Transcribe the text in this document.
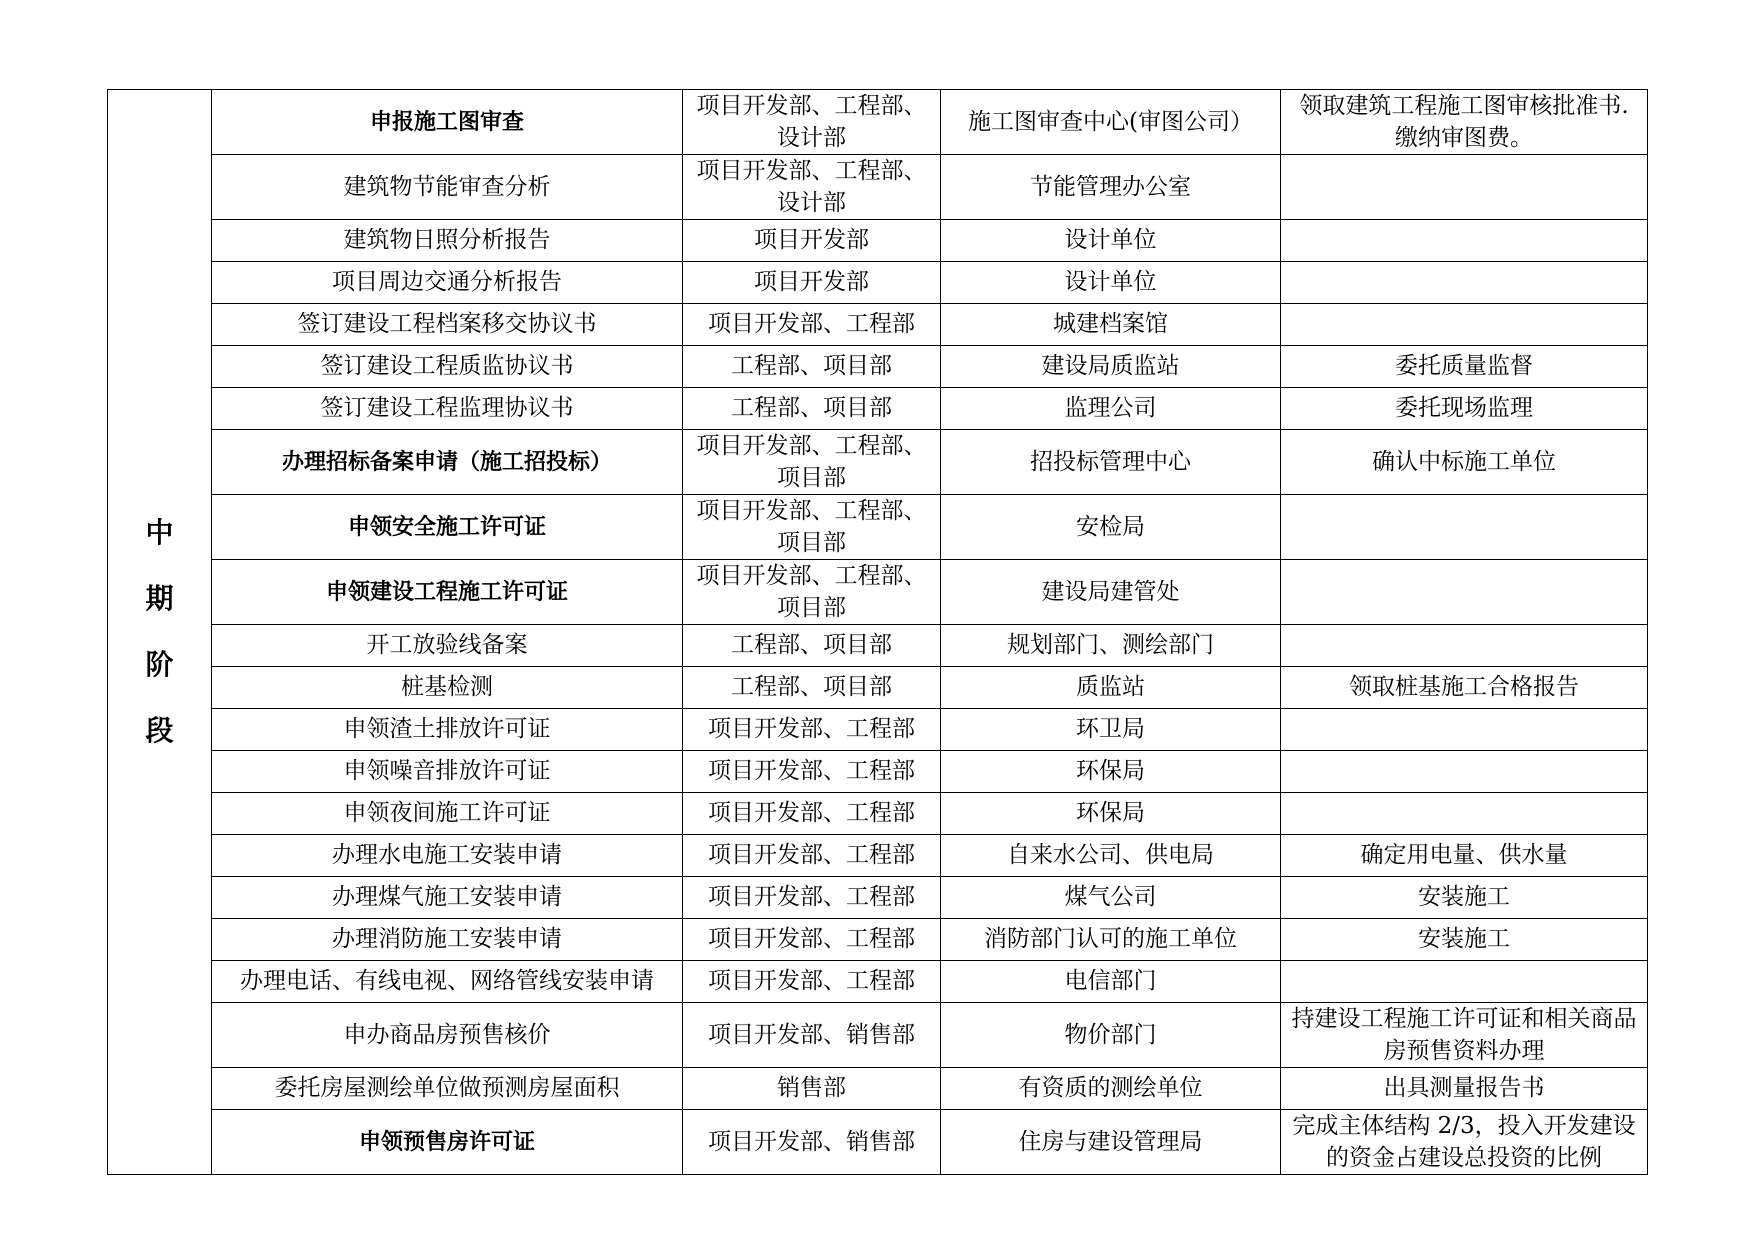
中
期
阶
段	申报施工图审查	项目开发部、工程部、设计部	施工图审查中心(审图公司）	领取建筑工程施工图审核批准书.缴纳审图费。
	建筑物节能审查分析	项目开发部、工程部、设计部	节能管理办公室	
	建筑物日照分析报告	项目开发部	设计单位	
	项目周边交通分析报告	项目开发部	设计单位	
	签订建设工程档案移交协议书	项目开发部、工程部	城建档案馆	
	签订建设工程质监协议书	工程部、项目部	建设局质监站	委托质量监督
	签订建设工程监理协议书	工程部、项目部	监理公司	委托现场监理
	办理招标备案申请（施工招投标）	项目开发部、工程部、项目部	招投标管理中心	确认中标施工单位
	申领安全施工许可证	项目开发部、工程部、项目部	安检局	
	申领建设工程施工许可证	项目开发部、工程部、项目部	建设局建管处	
	开工放验线备案	工程部、项目部	规划部门、测绘部门	
	桩基检测	工程部、项目部	质监站	领取桩基施工合格报告
	申领渣土排放许可证	项目开发部、工程部	环卫局	
	申领噪音排放许可证	项目开发部、工程部	环保局	
	申领夜间施工许可证	项目开发部、工程部	环保局	
	办理水电施工安装申请	项目开发部、工程部	自来水公司、供电局	确定用电量、供水量
	办理煤气施工安装申请	项目开发部、工程部	煤气公司	安装施工
	办理消防施工安装申请	项目开发部、工程部	消防部门认可的施工单位	安装施工
	办理电话、有线电视、网络管线安装申请	项目开发部、工程部	电信部门	
	申办商品房预售核价	项目开发部、销售部	物价部门	持建设工程施工许可证和相关商品房预售资料办理
	委托房屋测绘单位做预测房屋面积	销售部	有资质的测绘单位	出具测量报告书
	申领预售房许可证	项目开发部、销售部	住房与建设管理局	完成主体结构 2/3，投入开发建设的资金占建设总投资的比例
